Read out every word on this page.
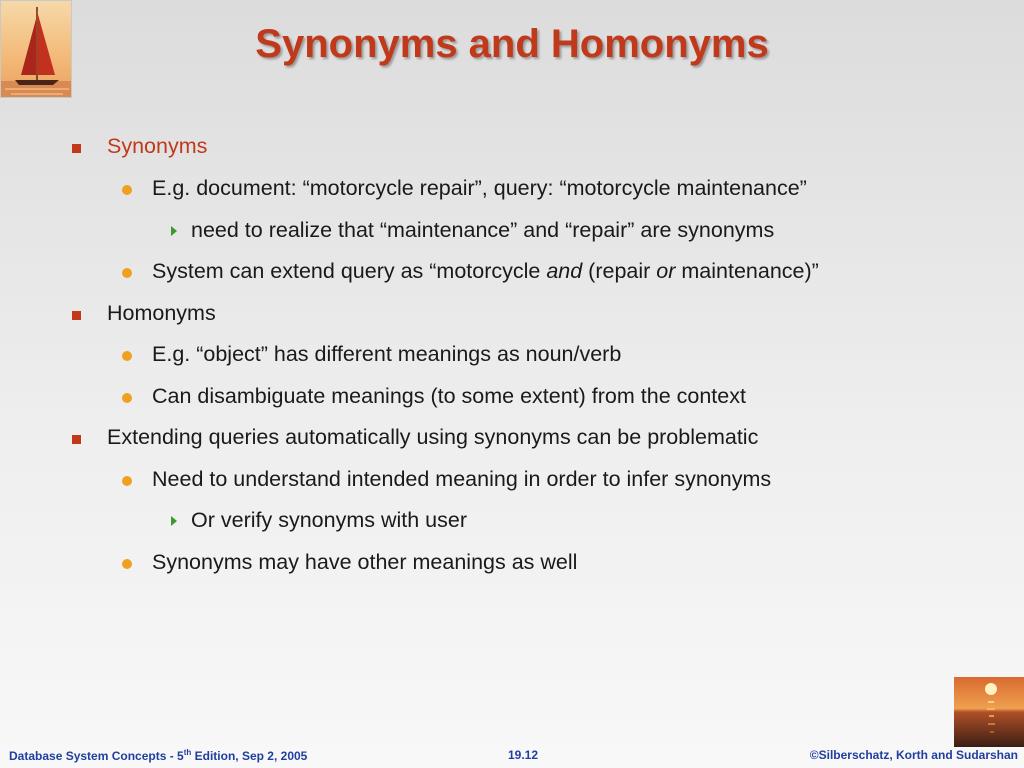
Synonyms and Homonyms
Synonyms
E.g. document: “motorcycle repair”, query: “motorcycle maintenance”
need to realize that “maintenance” and “repair” are synonyms
System can extend query as “motorcycle and (repair or maintenance)”
Homonyms
E.g. “object” has different meanings as noun/verb
Can disambiguate meanings (to some extent) from the context
Extending queries automatically using synonyms can be problematic
Need to understand intended meaning in order to infer synonyms
Or verify synonyms with user
Synonyms may have other meanings as well
Database System Concepts - 5th Edition, Sep 2, 2005	19.12	©Silberschatz, Korth and Sudarshan
